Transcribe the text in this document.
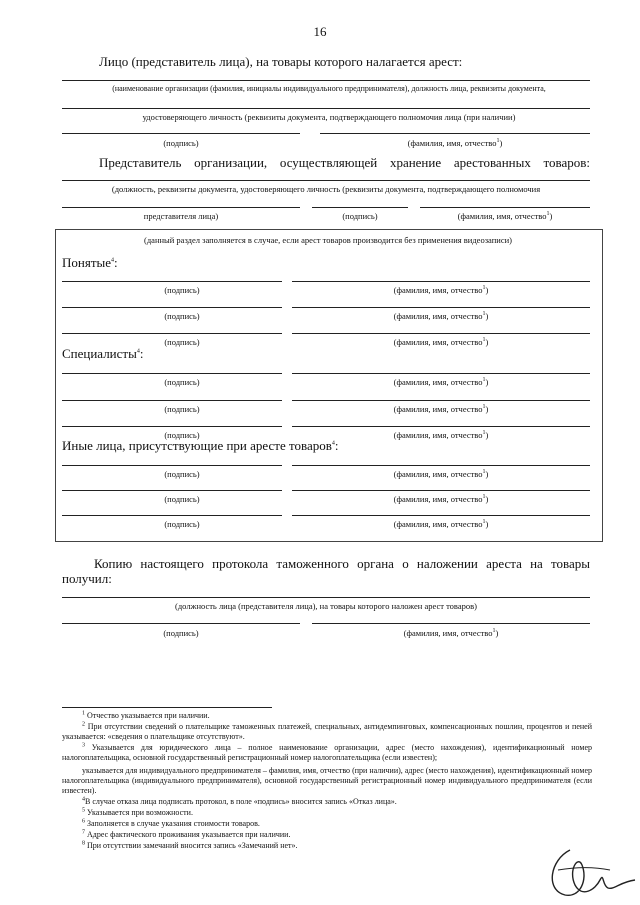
16
Лицо (представитель лица), на товары которого налагается арест:
(наименование организации (фамилия, инициалы индивидуального предпринимателя), должность лица, реквизиты документа,
удостоверяющего личность (реквизиты документа, подтверждающего полномочия лица (при наличии)
(подпись)	(фамилия, имя, отчество$^1$)
Представитель организации, осуществляющей хранение арестованных товаров:
(должность, реквизиты документа, удостоверяющего личность (реквизиты документа, подтверждающего полномочия
представителя лица)	(подпись)	(фамилия, имя, отчество$^1$)
(данный раздел заполняется в случае, если арест товаров производится без применения видеозаписи)
Понятые$^4$:
(подпись)	(фамилия, имя, отчество$^1$)
(подпись)	(фамилия, имя, отчество$^1$)
(подпись)	(фамилия, имя, отчество$^1$)
Специалисты$^4$:
(подпись)	(фамилия, имя, отчество$^1$)
(подпись)	(фамилия, имя, отчество$^1$)
(подпись)	(фамилия, имя, отчество$^1$)
Иные лица, присутствующие при аресте товаров$^4$:
(подпись)	(фамилия, имя, отчество$^1$)
(подпись)	(фамилия, имя, отчество$^1$)
(подпись)	(фамилия, имя, отчество$^1$)
Копию настоящего протокола таможенного органа о наложении ареста на товары
получил:
(должность лица (представителя лица), на товары которого наложен арест товаров)
(подпись)	(фамилия, имя, отчество$^1$)
$^1$ Отчество указывается при наличии.
$^2$ При отсутствии сведений о плательщике таможенных платежей, специальных, антидемпинговых, компенсационных пошлин, процентов и пеней указывается: «сведения о плательщике отсутствуют».
$^3$ Указывается для юридического лица – полное наименование организации, адрес (место нахождения), идентификационный номер налогоплательщика, основной государственный регистрационный номер налогоплательщика (если известен);
указывается для индивидуального предпринимателя – фамилия, имя, отчество (при наличии), адрес (место нахождения), идентификационный номер налогоплательщика (индивидуального предпринимателя), основной государственный регистрационный номер индивидуального предпринимателя (если известен).
$^4$В случае отказа лица подписать протокол, в поле «подпись» вносится запись «Отказ лица».
$^5$ Указывается при возможности.
$^6$ Заполняется в случае указания стоимости товаров.
$^7$ Адрес фактического проживания указывается при наличии.
$^8$ При отсутствии замечаний вносится запись «Замечаний нет».
